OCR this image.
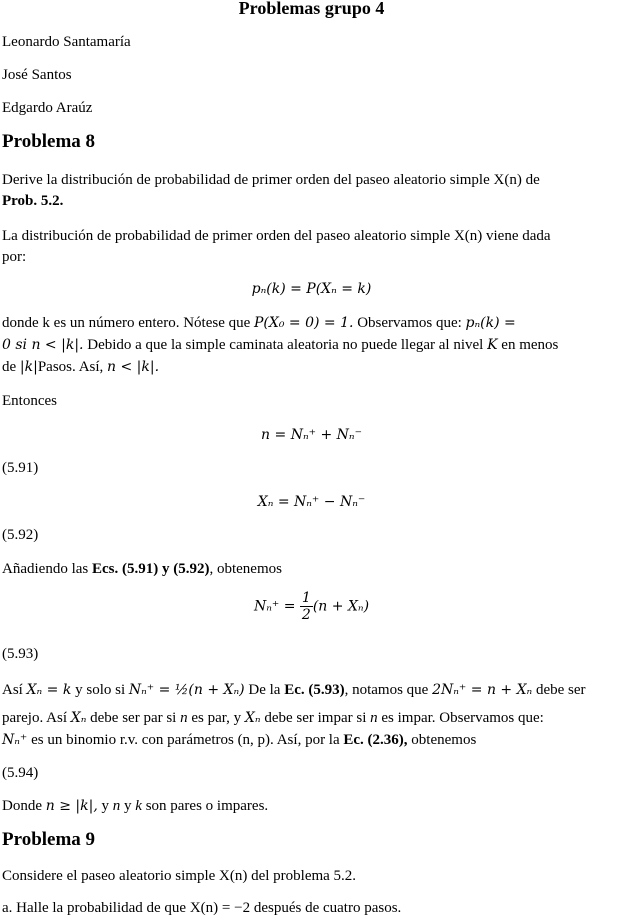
Problemas grupo 4
Leonardo Santamaría
José Santos
Edgardo Araúz
Problema 8
Derive la distribución de probabilidad de primer orden del paseo aleatorio simple X(n) de
Prob. 5.2.
La distribución de probabilidad de primer orden del paseo aleatorio simple X(n) viene dada
por:
pₙ(k) = P(Xₙ = k)
donde k es un número entero. Nótese que P(X₀ = 0) = 1. Observamos que: pₙ(k) =
0 si n < |k|. Debido a que la simple caminata aleatoria no puede llegar al nivel K en menos
de |k|Pasos. Así, n < |k|.
Entonces
n = Nₙ⁺ + Nₙ⁻
(5.91)
Xₙ = Nₙ⁺ − Nₙ⁻
(5.92)
Añadiendo las Ecs. (5.91) y (5.92), obtenemos
$N_n^+ = \frac{1}{2} (n + X_n)$
(5.93)
Así Xₙ = k y solo si Nₙ⁺ = ½(n + Xₙ) De la Ec. (5.93), notamos que 2Nₙ⁺ = n + Xₙ debe ser
parejo. Así Xₙ debe ser par si n es par, y Xₙ debe ser impar si n es impar. Observamos que:
Nₙ⁺ es un binomio r.v. con parámetros (n, p). Así, por la Ec. (2.36), obtenemos
(5.94)
Donde n ≥ |k|, y n y k son pares o impares.
Problema 9
Considere el paseo aleatorio simple X(n) del problema 5.2.
a. Halle la probabilidad de que X(n) = −2 después de cuatro pasos.
